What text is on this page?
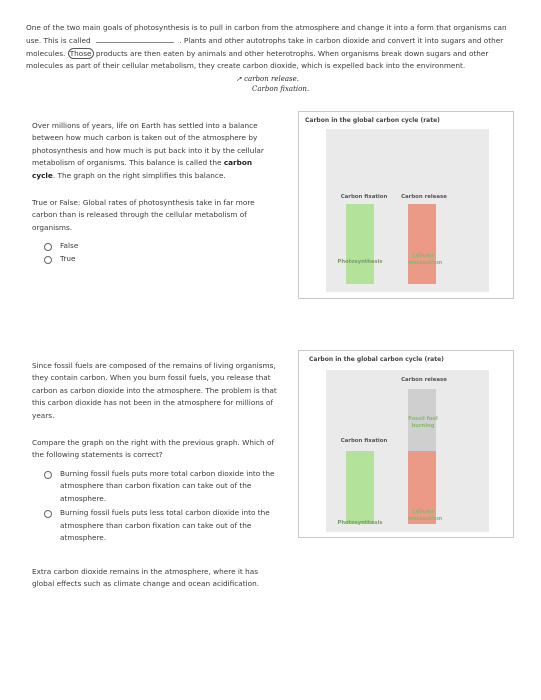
One of the two main goals of photosynthesis is to pull in carbon from the atmosphere and change it into a form that organisms can use. This is called	. Plants and other autotrophs take in carbon dioxide and convert it into sugars and other molecules. Those products are then eaten by animals and other heterotrophs. When organisms break down sugars and other molecules as part of their cellular metabolism, they create carbon dioxide, which is expelled back into the environment.
➚ carbon release.
Carbon fixation.
Over millions of years, life on Earth has settled into a balance between how much carbon is taken out of the atmosphere by photosynthesis and how much is put back into it by the cellular metabolism of organisms. This balance is called the carbon cycle. The graph on the right simplifies this balance.
True or False: Global rates of photosynthesis take in far more carbon than is released through the cellular metabolism of organisms.
False
True
Carbon in the global carbon cycle (rate)
Carbon fixation	Carbon release
Photosynthesis
Cellular metabolism
Since fossil fuels are composed of the remains of living organisms, they contain carbon. When you burn fossil fuels, you release that carbon as carbon dioxide into the atmosphere. The problem is that this carbon dioxide has not been in the atmosphere for millions of years.
Compare the graph on the right with the previous graph. Which of the following statements is correct?
Burning fossil fuels puts more total carbon dioxide into the atmosphere than carbon fixation can take out of the atmosphere.
Burning fossil fuels puts less total carbon dioxide into the atmosphere than carbon fixation can take out of the atmosphere.
Extra carbon dioxide remains in the atmosphere, where it has global effects such as climate change and ocean acidification.
Carbon in the global carbon cycle (rate)
Carbon release
Carbon fixation
Fossil fuel burning
Photosynthesis
Cellular metabolism
